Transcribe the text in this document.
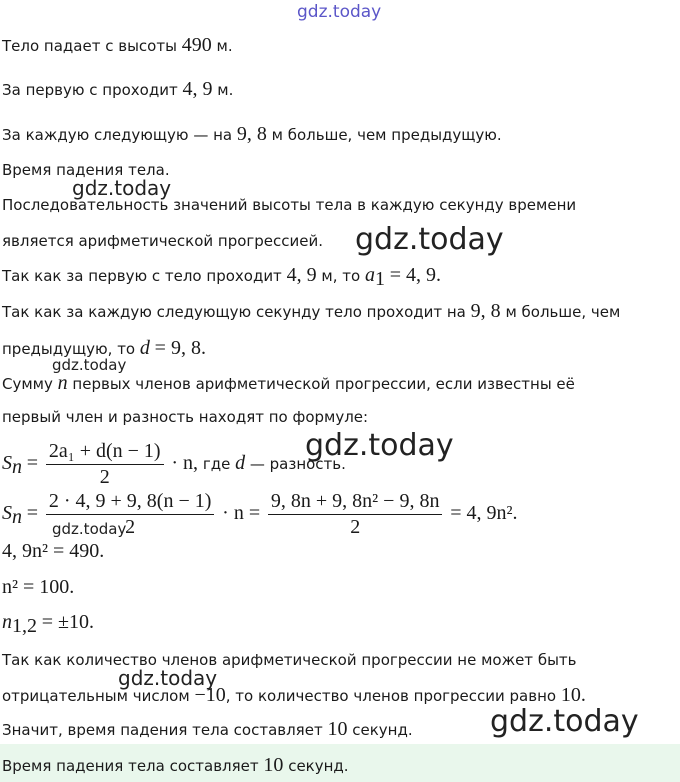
gdz.today
gdz.today
gdz.today
gdz.today
gdz.today
gdz.today
gdz.today
gdz.today
Тело падает с высоты 490 м.
За первую с проходит 4, 9 м.
За каждую следующую — на 9, 8 м больше, чем предыдущую.
Время падения тела.
Последовательность значений высоты тела в каждую секунду времени
является арифметической прогрессией.
Так как за первую с тело проходит 4, 9 м, то $a_1 = 4$, 9.
Так как за каждую следующую секунду тело проходит на 9, 8 м больше, чем
предыдущую, то d = 9, 8.
Сумму n первых членов арифметической прогрессии, если известны её
первый член и разность находят по формуле:
$S_n = \frac{\text{2a₁ + d(n − 1)}}{2} \cdot n$, где d — разность.
$S_n = \frac{2 \cdot 4, 9 + 9, 8(n - 1)}{2} \cdot n = \frac{\text{9, 8n + 9, 8n² − 9, 8n}}{2} = 4$, 9n².
4, 9n² = 490.
n² = 100.
$n_{1,2} = \pm 10$.
Так как количество членов арифметической прогрессии не может быть
отрицательным числом −10, то количество членов прогрессии равно 10.
Значит, время падения тела составляет 10 секунд.
Время падения тела составляет 10 секунд.
